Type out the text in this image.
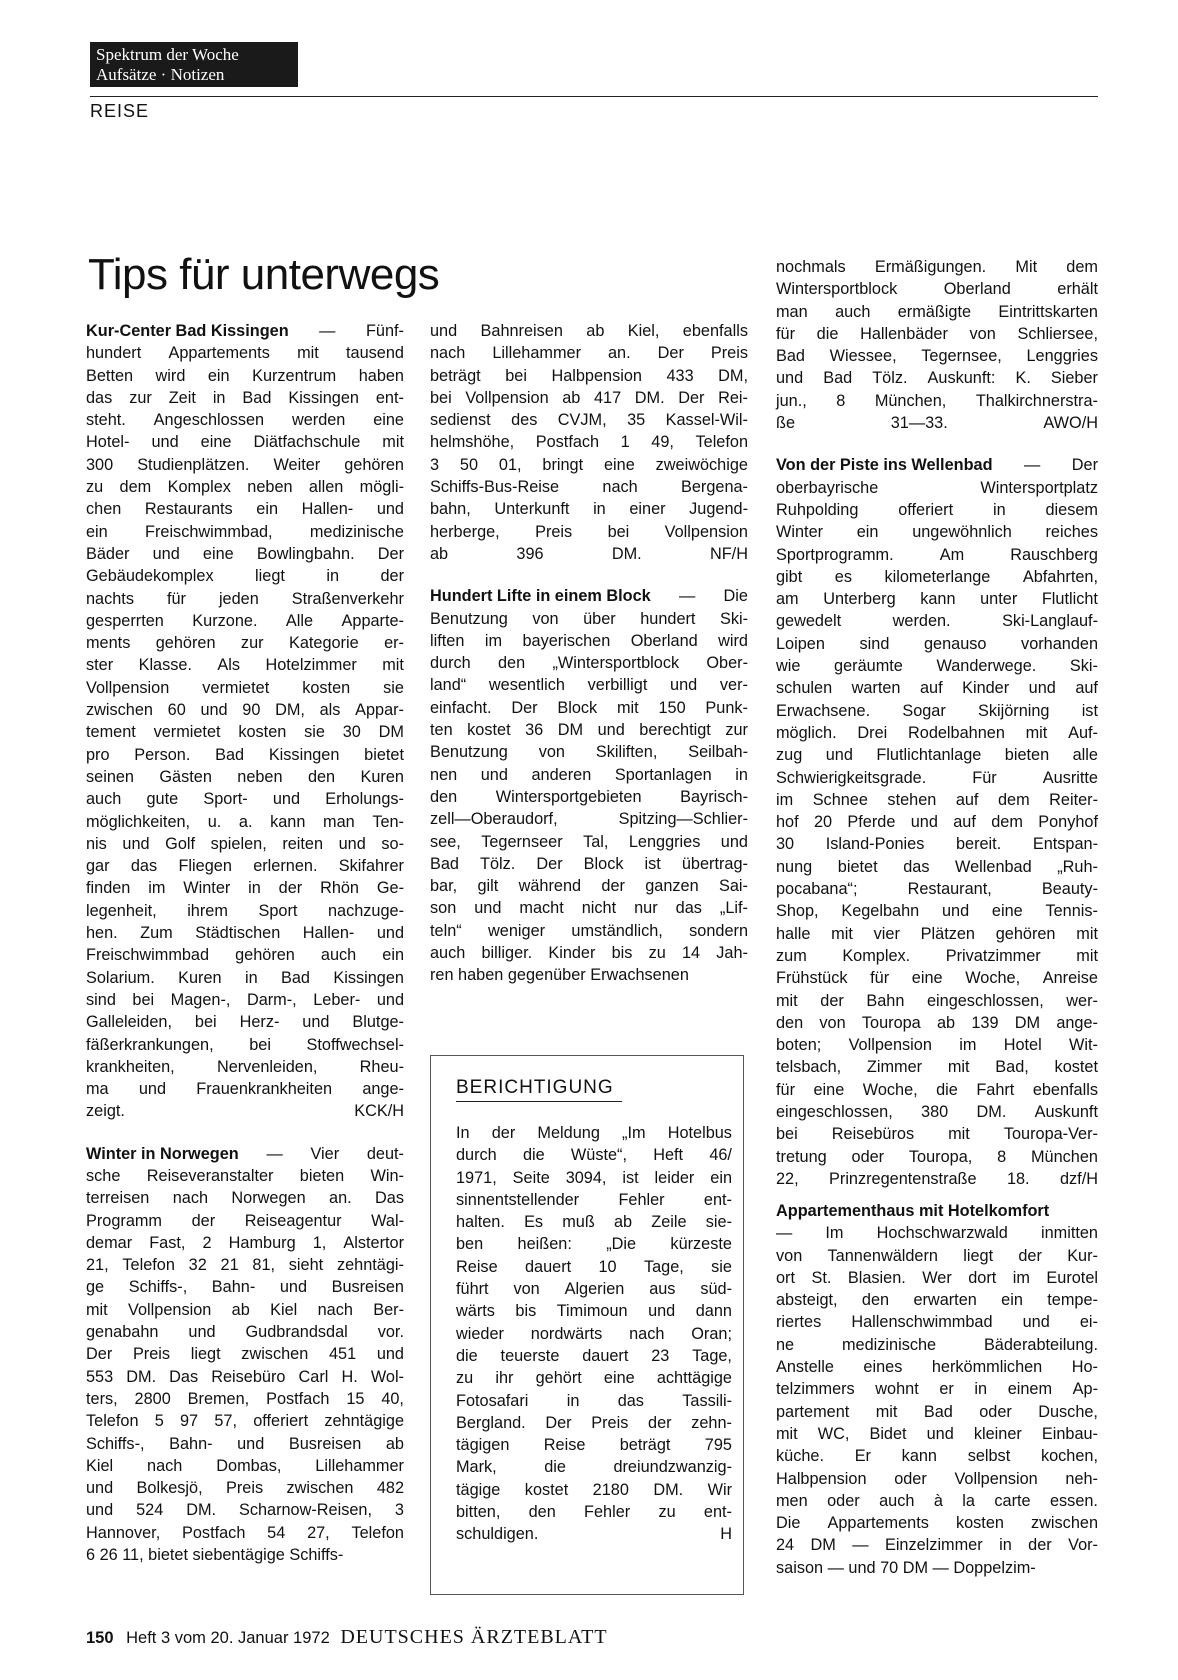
Spektrum der Woche
Aufsätze · Notizen
REISE
Tips für unterwegs

Kur-Center Bad Kissingen — Fünf-

hundert Appartements mit tausend

Betten wird ein Kurzentrum haben

das zur Zeit in Bad Kissingen ent-

steht. Angeschlossen werden eine

Hotel- und eine Diätfachschule mit

300 Studienplätzen. Weiter gehören

zu dem Komplex neben allen mögli-

chen Restaurants ein Hallen- und

ein Freischwimmbad, medizinische

Bäder und eine Bowlingbahn. Der

Gebäudekomplex	liegt	in	der

nachts für jeden Straßenverkehr

gesperrten Kurzone. Alle Apparte-

ments gehören zur Kategorie er-

ster Klasse. Als Hotelzimmer mit

Vollpension vermietet kosten sie

zwischen 60 und 90 DM, als Appar-

tement vermietet kosten sie 30 DM

pro Person. Bad Kissingen bietet

seinen Gästen neben den Kuren

auch gute Sport- und Erholungs-

möglichkeiten, u. a. kann man Ten-

nis und Golf spielen, reiten und so-

gar das Fliegen erlernen. Skifahrer

finden im Winter in der Rhön Ge-

legenheit, ihrem Sport nachzuge-

hen. Zum Städtischen Hallen- und

Freischwimmbad gehören auch ein

Solarium. Kuren in Bad Kissingen

sind bei Magen-, Darm-, Leber- und

Galleleiden, bei Herz- und Blutge-

fäßerkrankungen, bei Stoffwechsel-

krankheiten,	Nervenleiden,	Rheu-

ma und Frauenkrankheiten ange-

zeigt.	KCK/H

Winter in Norwegen — Vier deut-

sche Reiseveranstalter bieten Win-

terreisen nach Norwegen an. Das

Programm der Reiseagentur Wal-

demar Fast, 2 Hamburg 1, Alstertor

21, Telefon 32 21 81, sieht zehntägi-

ge Schiffs-, Bahn- und Busreisen

mit Vollpension ab Kiel nach Ber-

genabahn und Gudbrandsdal vor.

Der Preis liegt zwischen 451 und

553 DM. Das Reisebüro Carl H. Wol-

ters, 2800 Bremen, Postfach 15 40,

Telefon 5 97 57, offeriert zehntägige

Schiffs-, Bahn- und Busreisen ab

Kiel nach Dombas, Lillehammer

und Bolkesjö, Preis zwischen 482

und 524 DM. Scharnow-Reisen, 3

Hannover, Postfach 54 27, Telefon

6 26 11, bietet siebentägige Schiffs-

und Bahnreisen ab Kiel, ebenfalls

nach Lillehammer an. Der Preis

beträgt bei Halbpension 433 DM,

bei Vollpension ab 417 DM. Der Rei-

sedienst des CVJM, 35 Kassel-Wil-

helmshöhe, Postfach 1 49, Telefon

3 50 01, bringt eine zweiwöchige

Schiffs-Bus-Reise	nach	Bergena-

bahn, Unterkunft in einer Jugend-

herberge, Preis bei Vollpension

ab	396	DM.	NF/H

Hundert Lifte in einem Block — Die

Benutzung von über hundert Ski-

liften im bayerischen Oberland wird

durch den „Wintersportblock Ober-

land“ wesentlich verbilligt und ver-

einfacht. Der Block mit 150 Punk-

ten kostet 36 DM und berechtigt zur

Benutzung von Skiliften, Seilbah-

nen und anderen Sportanlagen in

den Wintersportgebieten Bayrisch-

zell—Oberaudorf,	Spitzing—Schlier-

see, Tegernseer Tal, Lenggries und

Bad Tölz. Der Block ist übertrag-

bar, gilt während der ganzen Sai-

son und macht nicht nur das „Lif-

teln“ weniger umständlich, sondern

auch billiger. Kinder bis zu 14 Jah-

ren haben gegenüber Erwachsenen

nochmals Ermäßigungen. Mit dem

Wintersportblock	Oberland	erhält

man auch ermäßigte Eintrittskarten

für die Hallenbäder von Schliersee,

Bad Wiessee, Tegernsee, Lenggries

und Bad Tölz. Auskunft: K. Sieber

jun., 8 München, Thalkirchnerstra-

ße	31—33.	AWO/H

Von der Piste ins Wellenbad — Der

oberbayrische	Wintersportplatz

Ruhpolding offeriert in diesem

Winter ein ungewöhnlich reiches

Sportprogramm.	Am	Rauschberg

gibt es kilometerlange Abfahrten,

am Unterberg kann unter Flutlicht

gewedelt	werden.	Ski-Langlauf-

Loipen sind genauso vorhanden

wie geräumte Wanderwege. Ski-

schulen warten auf Kinder und auf

Erwachsene. Sogar Skijörning ist

möglich. Drei Rodelbahnen mit Auf-

zug und Flutlichtanlage bieten alle

Schwierigkeitsgrade.	Für	Ausritte

im Schnee stehen auf dem Reiter-

hof 20 Pferde und auf dem Ponyhof

30 Island-Ponies bereit. Entspan-

nung bietet das Wellenbad „Ruh-

pocabana“;	Restaurant,	Beauty-

Shop, Kegelbahn und eine Tennis-

halle mit vier Plätzen gehören mit

zum Komplex. Privatzimmer mit

Frühstück für eine Woche, Anreise

mit der Bahn eingeschlossen, wer-

den von Touropa ab 139 DM ange-

boten; Vollpension im Hotel Wit-

telsbach, Zimmer mit Bad, kostet

für eine Woche, die Fahrt ebenfalls

eingeschlossen, 380 DM. Auskunft

bei Reisebüros mit Touropa-Ver-

tretung oder Touropa, 8 München

22, Prinzregentenstraße 18. dzf/H

Appartementhaus mit Hotelkomfort

— Im Hochschwarzwald inmitten

von Tannenwäldern liegt der Kur-

ort St. Blasien. Wer dort im Eurotel

absteigt, den erwarten ein tempe-

riertes Hallenschwimmbad und ei-

ne	medizinische	Bäderabteilung.

Anstelle eines herkömmlichen Ho-

telzimmers wohnt er in einem Ap-

partement mit Bad oder Dusche,

mit WC, Bidet und kleiner Einbau-

küche. Er kann selbst kochen,

Halbpension oder Vollpension neh-

men oder auch à la carte essen.

Die Appartements kosten zwischen

24 DM — Einzelzimmer in der Vor-

saison — und 70 DM — Doppelzim-

BERICHTIGUNG

In der Meldung „Im Hotelbus

durch die Wüste“, Heft 46/

1971, Seite 3094, ist leider ein

sinnentstellender Fehler ent-

halten. Es muß ab Zeile sie-

ben heißen: „Die kürzeste

Reise dauert 10 Tage, sie

führt von Algerien aus süd-

wärts bis Timimoun und dann

wieder nordwärts nach Oran;

die teuerste dauert 23 Tage,

zu ihr gehört eine achttägige

Fotosafari in das Tassili-

Bergland. Der Preis der zehn-

tägigen Reise beträgt 795

Mark,	die	dreiundzwanzig-

tägige kostet 2180 DM. Wir

bitten, den Fehler zu ent-

schuldigen.	H

150 Heft 3 vom 20. Januar 1972 DEUTSCHES ÄRZTEBLATT
